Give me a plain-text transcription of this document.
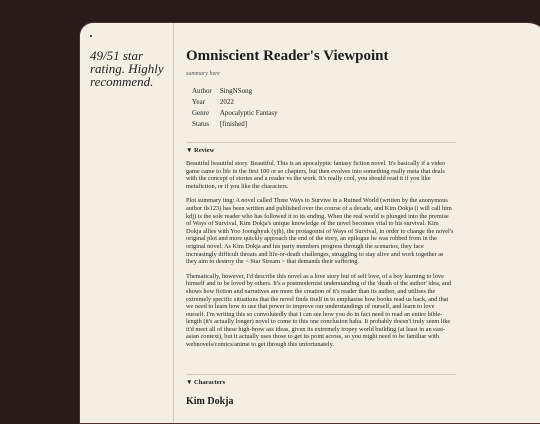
49/51 star rating. Highly recommend.
Omniscient Reader's Viewpoint
summary here
Author	SingNSong
Year	2022
Genre	Apocalyptic Fantasy
Status	[finished]
▼ Review

Beautiful beautiful story. Beautiful. This is an apocalyptic fantasy fiction novel. It's basically if a video game came to life in the first 100 or so chapters, but then evolves into something really meta that deals with the concept of stories and a reader vs the work. It's really cool, you should read it if you like metafiction, or if you like the characters.

Plot summary ting: A novel called Three Ways to Survive in a Ruined World (written by the anonymous author tls123) has been written and published over the course of a decade, and Kim Dokja (i will call him kdj) is the sole reader who has followed it to its ending. When the real world is plunged into the premise of Ways of Survival, Kim Dokja's unique knowledge of the novel becomes vital to his survival. Kim Dokja allies with Yoo Joonghyuk (yjh), the protagonist of Ways of Survival, in order to change the novel's original plot and more quickly approach the end of the story, an epilogue he was robbed from in the original novel. As Kim Dokja and his party members progress through the scenarios, they face increasingly difficult threats and life-or-death challenges, struggling to stay alive and work together as they aim to destroy the < Star Stream > that demands their suffering.

Thematically, however, I'd describe this novel as a love story but of self love, of a boy learning to love himself and to be loved by others. It's a postmodernist understanding of the 'death of the author' idea, and shows how fiction and narratives are more the creation of it's reader than its author, and utilises the extremely specific situations that the novel finds itself in to emphasise how books read us back, and that we need to learn how to use that power to improve our understandings of ourself, and learn to love ourself. I'm writing this so convolutedly that I can see how you do in fact need to read an entire bible-length (it's actually longer) novel to come to this one conclusion haha. It probably doesn't truly seem like it'd meet all of these high-brow ass ideas, given its extremely tropey world building (at least in an east-asian context), but it actually uses those to get its point across, so you might need to be familiar with webnovels/comics/anime to get through this unfortunately.

▼ Characters
Kim Dokja
